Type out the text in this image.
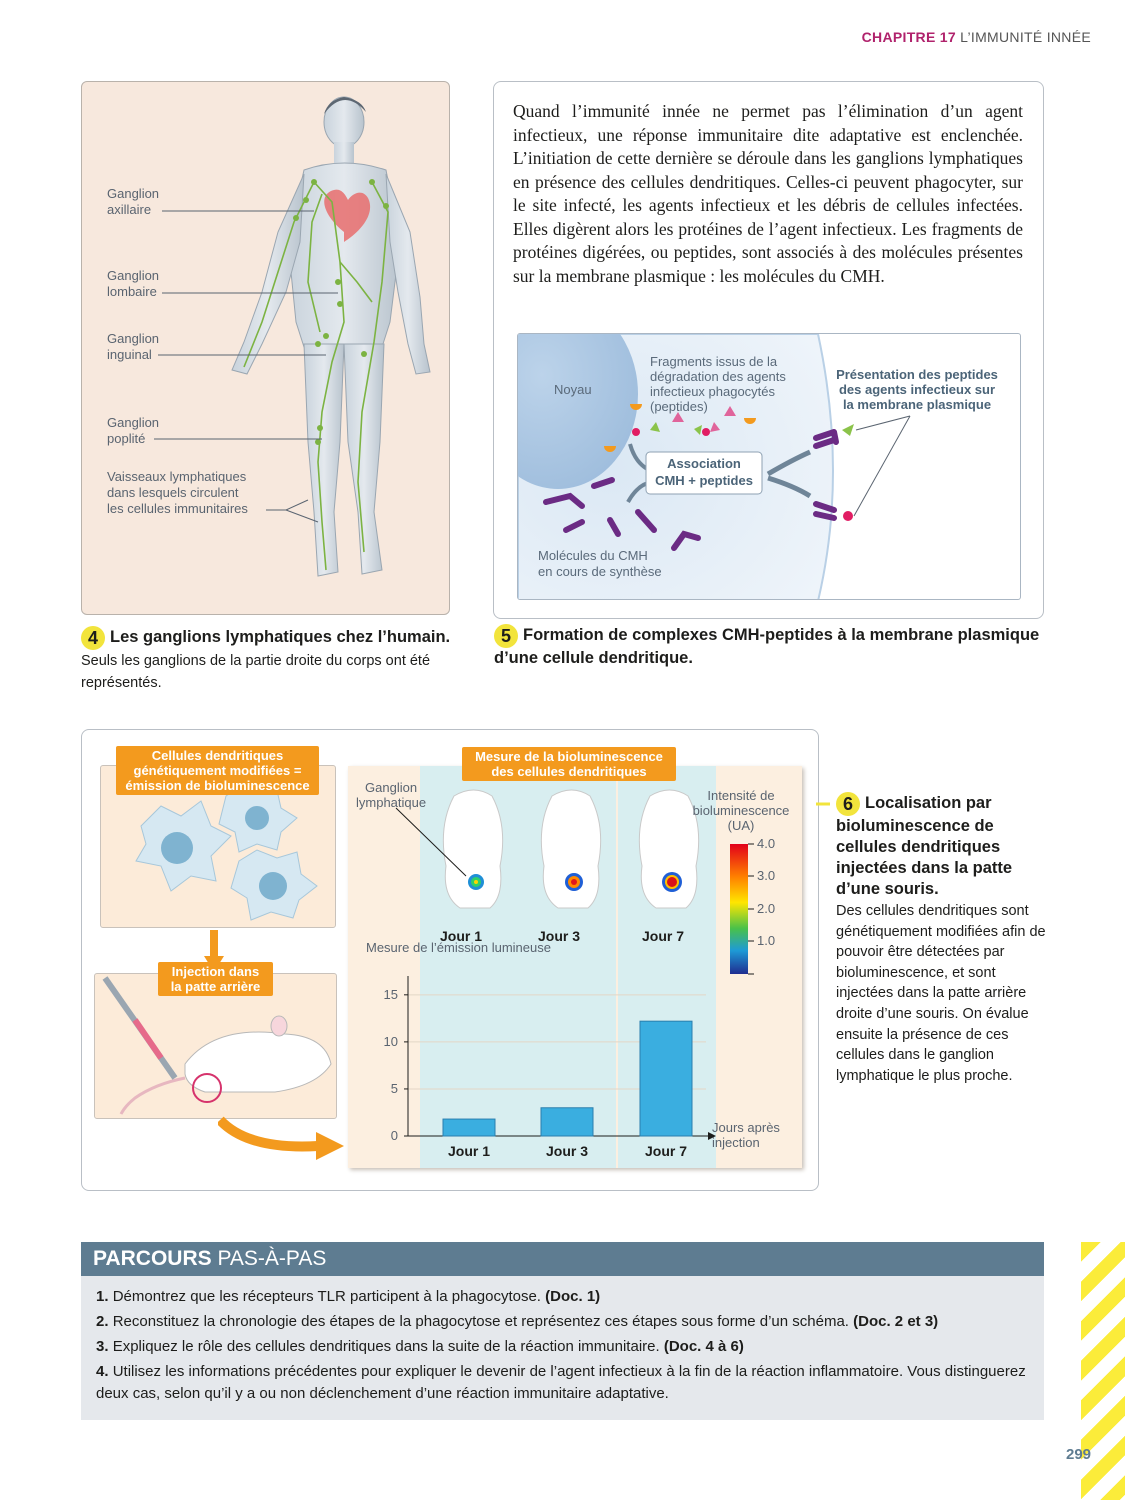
CHAPITRE 17 L’IMMUNITÉ INNÉE
Ganglion
axillaire
Ganglion
lombaire
Ganglion
inguinal
Ganglion
poplité
Vaisseaux lymphatiques
dans lesquels circulent
les cellules immunitaires
4 Les ganglions lymphatiques chez l’humain. Seuls les ganglions de la partie droite du corps ont été représentés.
Quand l’immunité innée ne permet pas l’élimination d’un agent infectieux, une réponse immunitaire dite adaptative est enclenchée. L’initiation de cette dernière se déroule dans les ganglions lymphatiques en présence des cellules dendritiques. Celles-ci peuvent phagocyter, sur le site infecté, les agents infectieux et les débris de cellules infectées. Elles digèrent alors les protéines de l’agent infectieux. Les fragments de protéines digérées, ou peptides, sont associés à des molécules présentes sur la membrane plasmique : les molécules du CMH.
Noyau
Fragments issus de la
dégradation des agents
infectieux phagocytés
(peptides)
Présentation des peptides
des agents infectieux sur
la membrane plasmique
Association
CMH + peptides
Molécules du CMH
en cours de synthèse
5 Formation de complexes CMH-peptides à la membrane plasmique d’une cellule dendritique.
Cellules dendritiques
génétiquement modifiées =
émission de bioluminescence
Injection dans
la patte arrière
Mesure de la bioluminescence
des cellules dendritiques
Ganglion
lymphatique	Intensité de
bioluminescence
(UA)
4.0
3.0
2.0
1.0
Jour 1	Jour 3	Jour 7
Mesure de l’émission lumineuse
0
5
10
15
Jour 1	Jour 3	Jour 7
Jours après injection
6 Localisation par bioluminescence de cellules dendritiques injectées dans la patte d’une souris.
Des cellules dendritiques sont génétiquement modifiées afin de pouvoir être détectées par bioluminescence, et sont injectées dans la patte arrière droite d’une souris. On évalue ensuite la présence de ces cellules dans le ganglion lymphatique le plus proche.
PARCOURS PAS-À-PAS

1. Démontrez que les récepteurs TLR participent à la phagocytose. (Doc. 1)

2. Reconstituez la chronologie des étapes de la phagocytose et représentez ces étapes sous forme d’un schéma. (Doc. 2 et 3)

3. Expliquez le rôle des cellules dendritiques dans la suite de la réaction immunitaire. (Doc. 4 à 6)

4. Utilisez les informations précédentes pour expliquer le devenir de l’agent infectieux à la fin de la réaction inflammatoire. Vous distinguerez deux cas, selon qu’il y a ou non déclenchement d’une réaction immunitaire adaptative.

299
